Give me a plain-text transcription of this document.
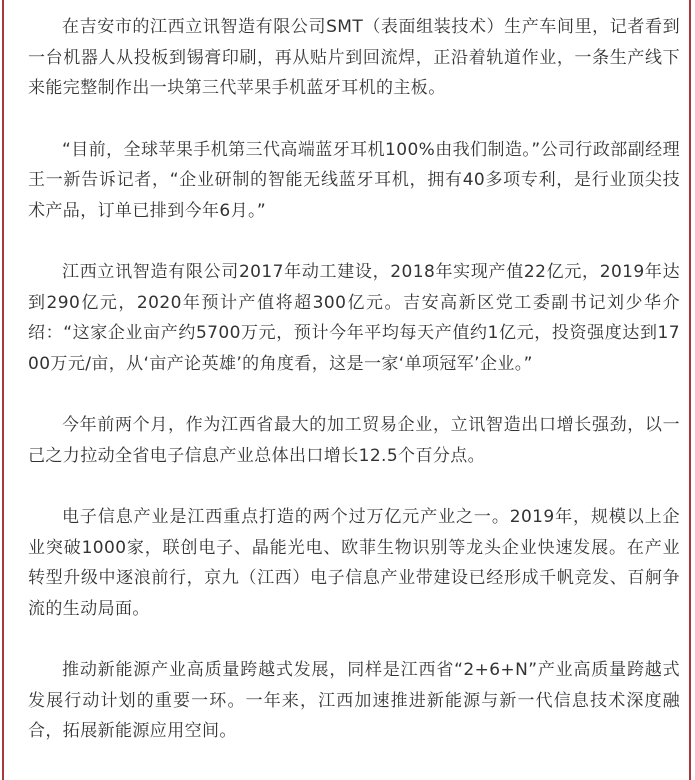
在吉安市的江西立讯智造有限公司SMT（表面组装技术）生产车间里，记者看到一台机器人从投板到锡膏印刷，再从贴片到回流焊，正沿着轨道作业，一条生产线下来能完整制作出一块第三代苹果手机蓝牙耳机的主板。

“目前，全球苹果手机第三代高端蓝牙耳机100%由我们制造。”公司行政部副经理王一新告诉记者，“企业研制的智能无线蓝牙耳机，拥有40多项专利，是行业顶尖技术产品，订单已排到今年6月。”

江西立讯智造有限公司2017年动工建设，2018年实现产值22亿元，2019年达到290亿元，2020年预计产值将超300亿元。吉安高新区党工委副书记刘少华介绍：“这家企业亩产约5700万元，预计今年平均每天产值约1亿元，投资强度达到1700万元/亩，从‘亩产论英雄’的角度看，这是一家‘单项冠军’企业。”

今年前两个月，作为江西省最大的加工贸易企业，立讯智造出口增长强劲，以一己之力拉动全省电子信息产业总体出口增长12.5个百分点。

电子信息产业是江西重点打造的两个过万亿元产业之一。2019年，规模以上企业突破1000家，联创电子、晶能光电、欧菲生物识别等龙头企业快速发展。在产业转型升级中逐浪前行，京九（江西）电子信息产业带建设已经形成千帆竞发、百舸争流的生动局面。

推动新能源产业高质量跨越式发展，同样是江西省“2+6+N”产业高质量跨越式发展行动计划的重要一环。一年来，江西加速推进新能源与新一代信息技术深度融合，拓展新能源应用空间。
